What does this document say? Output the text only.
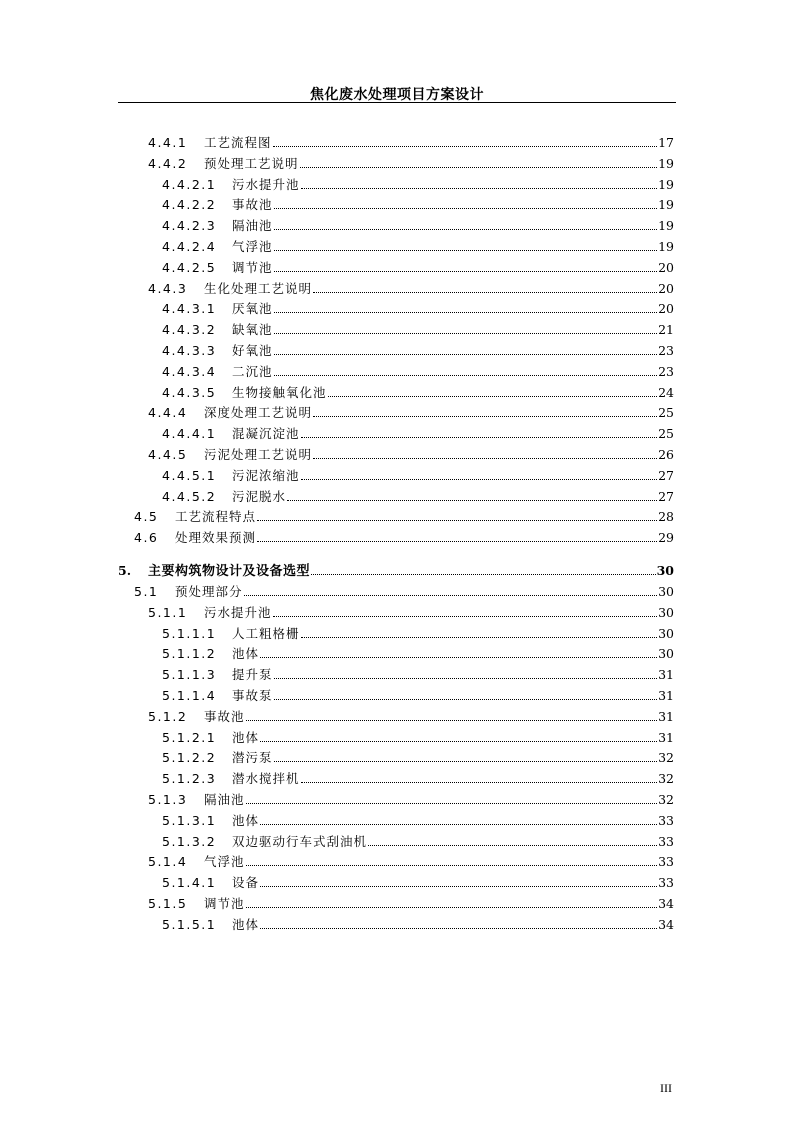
焦化废水处理项目方案设计
4.4.1	工艺流程图	17
4.4.2	预处理工艺说明	19
4.4.2.1	污水提升池	19
4.4.2.2	事故池	19
4.4.2.3	隔油池	19
4.4.2.4	气浮池	19
4.4.2.5	调节池	20
4.4.3	生化处理工艺说明	20
4.4.3.1	厌氧池	20
4.4.3.2	缺氧池	21
4.4.3.3	好氧池	23
4.4.3.4	二沉池	23
4.4.3.5	生物接触氧化池	24
4.4.4	深度处理工艺说明	25
4.4.4.1	混凝沉淀池	25
4.4.5	污泥处理工艺说明	26
4.4.5.1	污泥浓缩池	27
4.4.5.2	污泥脱水	27
4.5	工艺流程特点	28
4.6	处理效果预测	29
5.	主要构筑物设计及设备选型	30
5.1	预处理部分	30
5.1.1	污水提升池	30
5.1.1.1	人工粗格栅	30
5.1.1.2	池体	30
5.1.1.3	提升泵	31
5.1.1.4	事故泵	31
5.1.2	事故池	31
5.1.2.1	池体	31
5.1.2.2	潜污泵	32
5.1.2.3	潜水搅拌机	32
5.1.3	隔油池	32
5.1.3.1	池体	33
5.1.3.2	双边驱动行车式刮油机	33
5.1.4	气浮池	33
5.1.4.1	设备	33
5.1.5	调节池	34
5.1.5.1	池体	34
III
